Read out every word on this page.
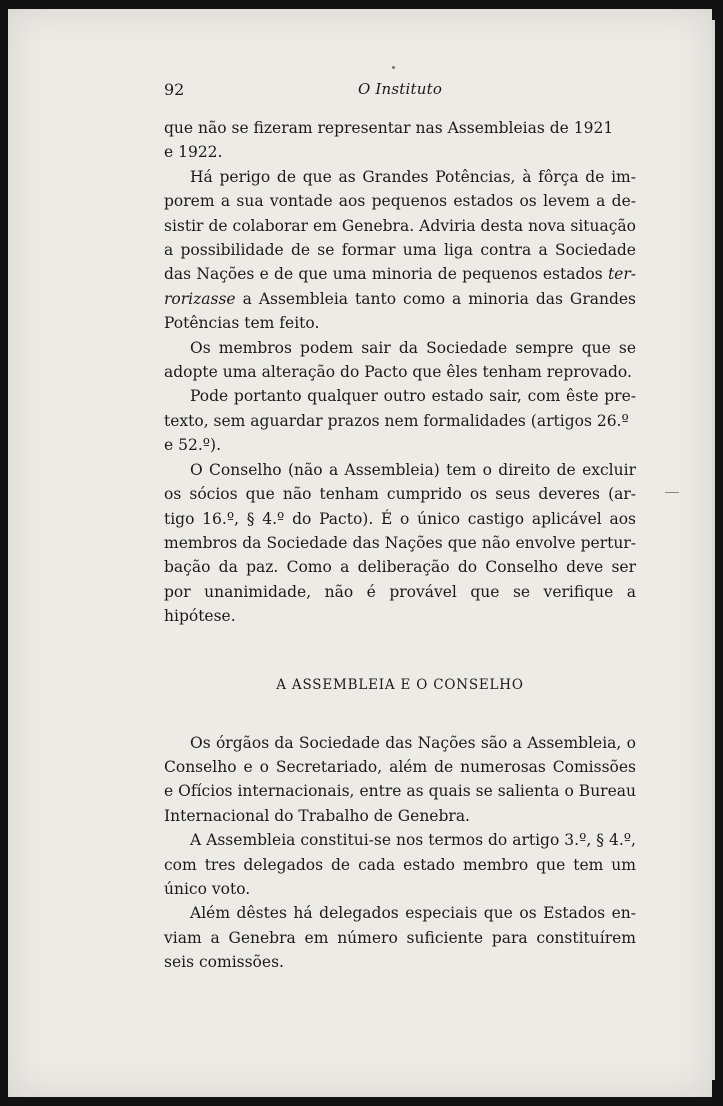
92	O Instituto

que não se fizeram representar nas Assembleias de 1921
e 1922.

Há perigo de que as Grandes Potências, à fôrça de im- porem a sua vontade aos pequenos estados os levem a de- sistir de colaborar em Genebra. Adviria desta nova situação a possibilidade de se formar uma liga contra a Sociedade das Nações e de que uma minoria de pequenos estados ter- rorizasse a Assembleia tanto como a minoria das Grandes Potências tem feito.

Os membros podem sair da Sociedade sempre que se adopte uma alteração do Pacto que êles tenham reprovado.

Pode portanto qualquer outro estado sair, com êste pre- texto, sem aguardar prazos nem formalidades (artigos 26.º
e 52.º).

O Conselho (não a Assembleia) tem o direito de excluir os sócios que não tenham cumprido os seus deveres (ar- tigo 16.º, § 4.º do Pacto). É o único castigo aplicável aos membros da Sociedade das Nações que não envolve pertur- bação da paz. Como a deliberação do Conselho deve ser por unanimidade, não é provável que se verifique a hipótese.

A ASSEMBLEIA E O CONSELHO

Os órgãos da Sociedade das Nações são a Assembleia, o Conselho e o Secretariado, além de numerosas Comissões e Ofícios internacionais, entre as quais se salienta o Bureau Internacional do Trabalho de Genebra.

A Assembleia constitui-se nos termos do artigo 3.º, § 4.º, com tres delegados de cada estado membro que tem um único voto.

Além dêstes há delegados especiais que os Estados en- viam a Genebra em número suficiente para constituírem seis comissões.
